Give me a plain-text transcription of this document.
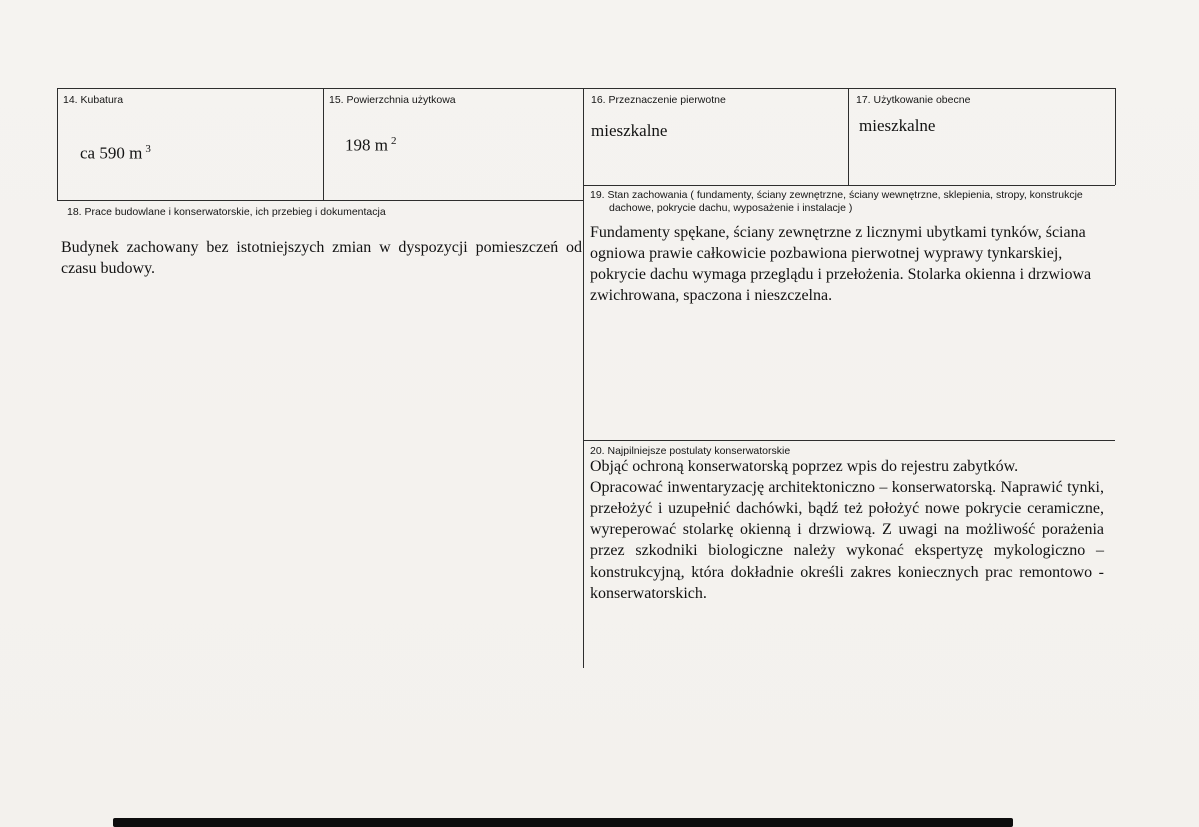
14. Kubatura
ca 590 m $^3$
15. Powierzchnia użytkowa
198 m $^2$
16. Przeznaczenie pierwotne
mieszkalne
17. Użytkowanie obecne
mieszkalne
18. Prace budowlane i konserwatorskie, ich przebieg i dokumentacja
Budynek zachowany bez istotniejszych zmian w dyspozycji pomieszczeń od czasu budowy.
19. Stan zachowania ( fundamenty, ściany zewnętrzne, ściany wewnętrzne, sklepienia, stropy, konstrukcje dachowe, pokrycie dachu, wyposażenie i instalacje )
Fundamenty spękane, ściany zewnętrzne z licznymi ubytkami tynków, ściana ogniowa prawie całkowicie pozbawiona pierwotnej wyprawy tynkarskiej, pokrycie dachu wymaga przeglądu i przełożenia. Stolarka okienna i drzwiowa zwichrowana, spaczona i nieszczelna.
20. Najpilniejsze postulaty konserwatorskie

Objąć ochroną konserwatorską poprzez wpis do rejestru zabytków.

Opracować inwentaryzację architektoniczno – konserwatorską. Naprawić tynki, przełożyć i uzupełnić dachówki, bądź też położyć nowe pokrycie ceramiczne, wyreperować stolarkę okienną i drzwiową. Z uwagi na możliwość porażenia przez szkodniki biologiczne należy wykonać ekspertyzę mykologiczno – konstrukcyjną, która dokładnie określi zakres koniecznych prac remontowo - konserwatorskich.
